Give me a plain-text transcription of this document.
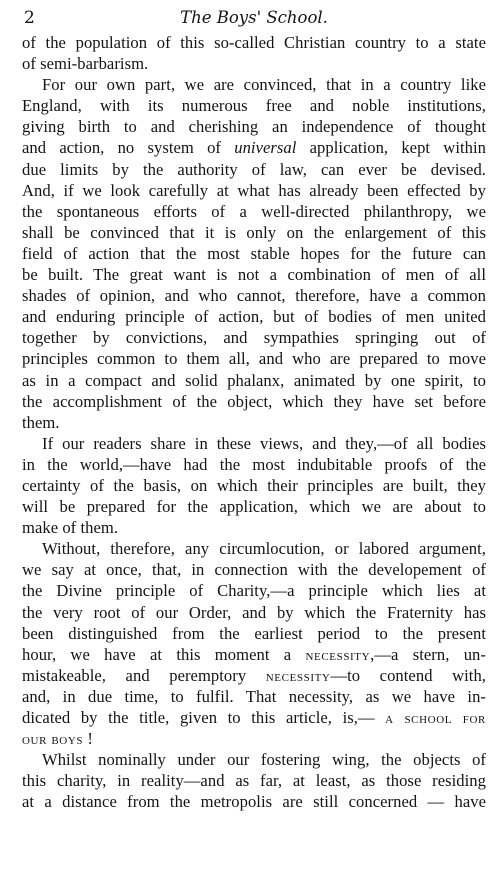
2	The Boys' School.
of the population of this so-called Christian country to a state
of semi-barbarism.
For our own part, we are convinced, that in a country like
England, with its numerous free and noble institutions,
giving birth to and cherishing an independence of thought
and action, no system of universal application, kept within
due limits by the authority of law, can ever be devised.
And, if we look carefully at what has already been effected by
the spontaneous efforts of a well-directed philanthropy, we
shall be convinced that it is only on the enlargement of this
field of action that the most stable hopes for the future can
be built. The great want is not a combination of men of all
shades of opinion, and who cannot, therefore, have a common
and enduring principle of action, but of bodies of men united
together by convictions, and sympathies springing out of
principles common to them all, and who are prepared to move
as in a compact and solid phalanx, animated by one spirit, to
the accomplishment of the object, which they have set before
them.
If our readers share in these views, and they,—of all bodies
in the world,—have had the most indubitable proofs of the
certainty of the basis, on which their principles are built, they
will be prepared for the application, which we are about to
make of them.
Without, therefore, any circumlocution, or labored argument,
we say at once, that, in connection with the developement of
the Divine principle of Charity,—a principle which lies at
the very root of our Order, and by which the Fraternity has
been distinguished from the earliest period to the present
hour, we have at this moment a necessity,—a stern, un-
mistakeable, and peremptory necessity—to contend with,
and, in due time, to fulfil. That necessity, as we have in-
dicated by the title, given to this article, is,— a school for
our boys !
Whilst nominally under our fostering wing, the objects of
this charity, in reality—and as far, at least, as those residing
at a distance from the metropolis are still concerned — have
